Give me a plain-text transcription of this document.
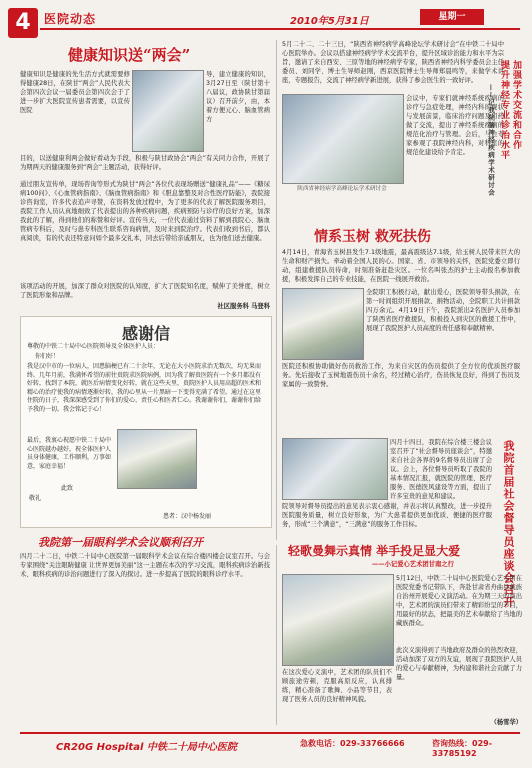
4	医院动态	2010年5月31日	星期一
健康知识送“两会”
健康知识是健康的先生活方式就需要修得健康28日，在陕甘“两会”人民代表大会第四次会议一届委员会第四次会于了进一步扩大医院宣传患者需要，以宣传医院
导，建立健康的知识，3月27日至（陕甘第十八届议，政协陕甘第届议）召开前夕，由，本着方便元心、脑血管病方
目的，以送健康利两会做好看动为手段，积极与陕甘政协会“两会”有关同力合作，开展了为期两天的健康服务到“两会”主题活动，获得好评。
通过朋友宣传单，现场咨询等形式为陕甘“两会”各位代表现场赠送“健康礼品”——《糖尿病100问》、《心血管病指南》、《脑血管病指南》和《胆息靠整及对合性医疗防能》，我院接诊咨询室，许多代表追声寻赞，在资料发放过程中，为了更多的代表了解医院服务项目，我院工作人员认真地细致了代表提出的各种疾病问题，疾病预防与诊疗的良好方案，加深我此的了解，得到他们的称赞和好评。宣传当天，一位代表通过资料了解到我院心、脑血管病专科后，及时与患专科医生联系咨询病情，及时来到院治疗。代表们收到书后，都认真阅读，有的代表还特意问如个最多交礼本，同去后带给亲戚朋友，也为他们送去健康。
该项活动的开展，加深了群众对医院的认知度，扩大了医院知名度，赋伸了美誉度，树立了医院形象和品牌。
社区服务科 马登科
感谢信
尊敬的中铁二十局中心医院领导及全体医护人员：
你们好！
我是汉中市的一位病人，因患脑梗已有二十余年，无论在大小医院求治无数次，均无果而终。几年月前，我满怀希望的前往贵院求医院病例，因为我了解贵医院有一个多月都没有好转，找到了本院，就医后病情变化好转，就在这些天里，贵院医护人员用高超的医术和精心的治疗使我的病情逐渐好转，我的心里从一片黑暗一下变得充满了希望。通过在这里住院的日子，我深深感受到了你们的爱心、责任心和医者仁心。我谢谢你们，谢谢你们给予我的一切。我会铭记于心！
最后，我衷心祝愿中铁二十局中心医院越办越好，祝全体医护人员身体健康，工作顺利，万事如意，家庭幸福！
此致
敬礼
患者：汉中杨发丽
我院第一届眼科学术会议顺利召开
四月二十二日，中铁二十局中心医院第一届眼科学术会议在综合楼四楼会议室召开。与会专家围绕“关注眼睛健康 让世界更加美丽”这一主题在本次的学习交流，眼科疾病诊治新技术、眼科疾病的诊治问题进行了深入的探讨。进一步提高了医院的眼科诊疗水平。
5月二十二、二十三日，“陕西省神经病学高峰论坛学术研讨会”在中铁二十局中心医院举办。会议以搭建神经病学学术交流平台，提升区域诊治能力和水平为宗旨，邀请了来自西安、三原等地的神经病学专家，陕西省神经内科学委员会主任委员、刘同学、博士生导师赵刚，西京医院博士生导师郑晨鸣等，来做学术讲座，专题报告，交流了神经病学新进展，获得了参会医生的一致好评。
陕西省神经病学高峰论坛学术研讨会
会议中，专家们就神经系统疾病的诊疗与急症处理，神经内科的现状与发展前景，临床治疗问题及用药做了交流，提出了神经系统疾病的规范化治疗与管理。会后，与会专家参观了我院神经内科，对科室的规范化建设给予肯定。
加强学术交流和合作
提升神经专业诊治水平
——记我院脑神经疾病学术研讨会
情系玉树 救死扶伤
4月14日，青海省玉树县发生7.1级地震，最高震级达7.1级，给玉树人民带来巨大的生命和财产损失。牵动着全国人民的心。国家、省、市领导的关怀，医院党委立即行动，组建救援队员待命，时刻准备赶赴灾区。一位名叫张杰的护士主动报名参加救援，积极发挥自己的专业技能，在医院一线展开救治。
全院职工积极行动，献出爱心，医院领导带头捐款，在第一时间组织开展捐款、捐物活动，全院职工共计捐款四万余元。4月19日下午，我院派出2名医护人员参加了陕西省医疗救援队，积极投入到灾区的救援工作中，展现了我院医护人员高度的责任感和奉献精神。
医院还积极协助做好伤员救治工作，为来自灾区的伤员提供了全方位的优质医疗服务。先后接收了玉树地震伤员十余名，经过精心治疗，伤员恢复良好，得到了伤员及家属的一致赞誉。
四月十四日，我院在综合楼三楼会议室召开了“社会督导员座谈会”，特邀来自社会各界的9名督导员出席了会议。会上，各位督导员听取了我院的基本情况汇报，就医院的管理、医疗服务、医德医风建设等方面，提出了许多宝贵的意见和建议。
院领导对督导员提出的意见表示衷心感谢，并表示将认真整改，进一步提升医院服务质量，树立良好形象，为广大患者提供更加优质、便捷的医疗服务，形成“三个满意”，“三满意”的服务工作目标。	我院首届社会督导员座谈会召开
轻歌曼舞示真情 举手投足显大爱
——小记爱心艺术团甘南之行
5月12日，中铁二十局中心医院爱心艺术团在医院党委书记带队下，奔赴甘肃省舟曲县藏族自治州开展爱心义演活动。在为期三天的演出中，艺术团的演员们带来了精彩纷呈的节目，用最好的状态，把最美的艺术奉献给了当地的藏族群众。
在这次爱心义演中，艺术团的队员们不顾旅途劳顿，克服高原反应，认真排练，精心准备了歌舞、小品等节目，表现了医务人员的良好精神风貌。
此次义演得到了当地政府及群众的热烈欢迎，活动加深了双方的友谊，展现了我院医护人员的爱心与奉献精神，为构建和谐社会贡献了力量。
（杨雪华）
CR20G Hospital 中铁二十局中心医院	急救电话：029-33766666	咨询热线：029-33785192
